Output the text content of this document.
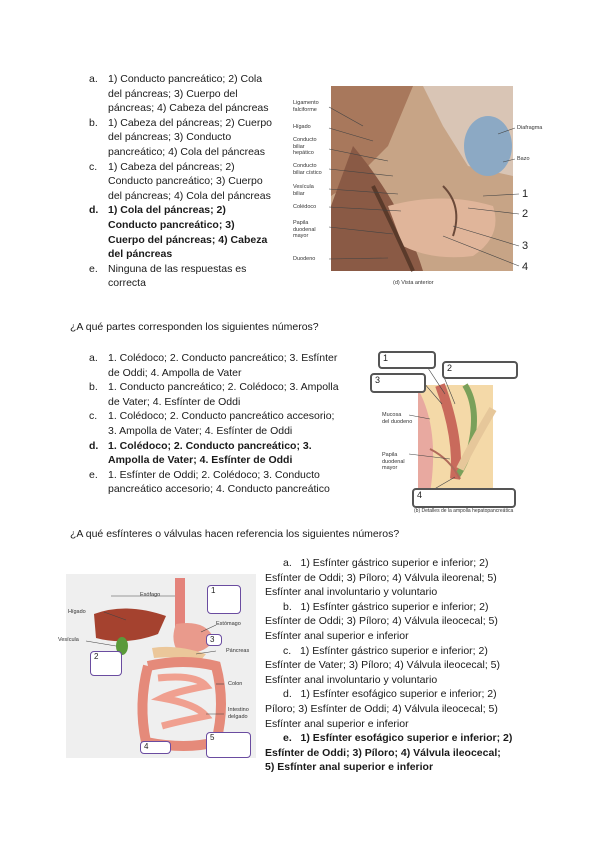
a. 1) Conducto pancreático; 2) Cola
del páncreas; 3) Cuerpo del
páncreas; 4) Cabeza del páncreas
b. 1) Cabeza del páncreas; 2) Cuerpo
del páncreas; 3) Conducto
pancreático; 4) Cola del páncreas
c. 1) Cabeza del páncreas; 2)
Conducto pancreático; 3) Cuerpo
del páncreas; 4) Cola del páncreas
d. 1) Cola del páncreas; 2)
Conducto pancreático; 3)
Cuerpo del páncreas; 4) Cabeza
del páncreas
e. Ninguna de las respuestas es
correcta
Ligamento
falciforme
Hígado
Conducto
biliar
hepático
Conducto
biliar cístico
Vesícula
biliar
Colédoco
Papila
duodenal
mayor
Duodeno
Diafragma
Bazo
1
2
3
4
(d) Vista anterior
¿A qué partes corresponden los siguientes números?
a. 1. Colédoco; 2. Conducto pancreático; 3. Esfínter
de Oddi; 4. Ampolla de Vater
b. 1. Conducto pancreático; 2. Colédoco; 3. Ampolla
de Vater; 4. Esfínter de Oddi
c. 1. Colédoco; 2. Conducto pancreático accesorio;
3. Ampolla de Vater; 4. Esfínter de Oddi
d. 1. Colédoco; 2. Conducto pancreático; 3.
Ampolla de Vater; 4. Esfínter de Oddi
e. 1. Esfínter de Oddi; 2. Colédoco; 3. Conducto
pancreático accesorio; 4. Conducto pancreático
1
2
3
Mucosa
del duodeno
Papila
duodenal
mayor
4
(b) Detalles de la ampolla hepatopancreática
¿A qué esfínteres o válvulas hacen referencia los siguientes números?
Esófago
Hígado
Estómago
Vesícula
Páncreas
Colon
Intestino
delgado
1
2
3
4
5

a. 1) Esfínter gástrico superior e inferior; 2)

Esfínter de Oddi; 3) Píloro; 4) Válvula ileorenal; 5)

Esfínter anal involuntario y voluntario

b. 1) Esfínter gástrico superior e inferior; 2)

Esfínter de Oddi; 3) Píloro; 4) Válvula ileocecal; 5)

Esfínter anal superior e inferior

c. 1) Esfínter gástrico superior e inferior; 2)

Esfínter de Vater; 3) Píloro; 4) Válvula ileocecal; 5)

Esfínter anal involuntario y voluntario

d. 1) Esfínter esofágico superior e inferior; 2)

Píloro; 3) Esfínter de Oddi; 4) Válvula ileocecal; 5)

Esfínter anal superior e inferior

e. 1) Esfínter esofágico superior e inferior; 2)

Esfínter de Oddi; 3) Píloro; 4) Válvula ileocecal;

5) Esfínter anal superior e inferior
